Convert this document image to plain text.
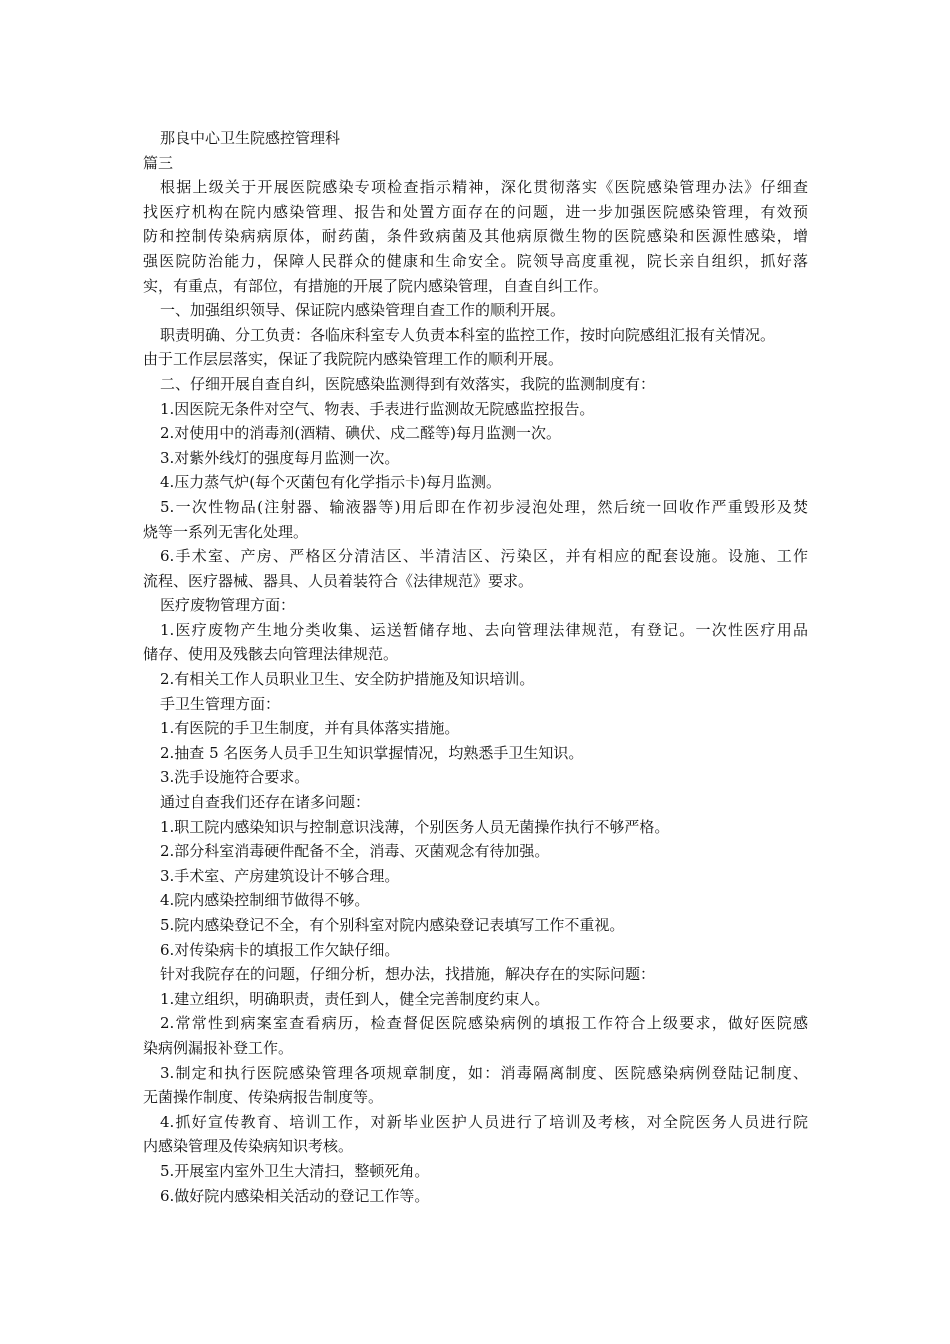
那良中心卫生院感控管理科
篇三
根据上级关于开展医院感染专项检查指示精神，深化贯彻落实《医院感染管理办法》仔细查
找医疗机构在院内感染管理、报告和处置方面存在的问题，进一步加强医院感染管理，有效预
防和控制传染病病原体，耐药菌，条件致病菌及其他病原微生物的医院感染和医源性感染，增
强医院防治能力，保障人民群众的健康和生命安全。院领导高度重视，院长亲自组织，抓好落
实，有重点，有部位，有措施的开展了院内感染管理，自查自纠工作。
一、加强组织领导、保证院内感染管理自查工作的顺利开展。
职责明确、分工负责：各临床科室专人负责本科室的监控工作，按时向院感组汇报有关情况。
由于工作层层落实，保证了我院院内感染管理工作的顺利开展。
二、仔细开展自查自纠，医院感染监测得到有效落实，我院的监测制度有：
1.因医院无条件对空气、物表、手表进行监测故无院感监控报告。
2.对使用中的消毒剂(酒精、碘伏、戍二醛等)每月监测一次。
3.对紫外线灯的强度每月监测一次。
4.压力蒸气炉(每个灭菌包有化学指示卡)每月监测。
5.一次性物品(注射器、输液器等)用后即在作初步浸泡处理，然后统一回收作严重毁形及焚
烧等一系列无害化处理。
6.手术室、产房、严格区分清洁区、半清洁区、污染区，并有相应的配套设施。设施、工作
流程、医疗器械、器具、人员着装符合《法律规范》要求。
医疗废物管理方面：
1.医疗废物产生地分类收集、运送暂储存地、去向管理法律规范，有登记。一次性医疗用品
储存、使用及残骸去向管理法律规范。
2.有相关工作人员职业卫生、安全防护措施及知识培训。
手卫生管理方面：
1.有医院的手卫生制度，并有具体落实措施。
2.抽查 5 名医务人员手卫生知识掌握情况，均熟悉手卫生知识。
3.洗手设施符合要求。
通过自查我们还存在诸多问题：
1.职工院内感染知识与控制意识浅薄，个别医务人员无菌操作执行不够严格。
2.部分科室消毒硬件配备不全，消毒、灭菌观念有待加强。
3.手术室、产房建筑设计不够合理。
4.院内感染控制细节做得不够。
5.院内感染登记不全，有个别科室对院内感染登记表填写工作不重视。
6.对传染病卡的填报工作欠缺仔细。
针对我院存在的问题，仔细分析，想办法，找措施，解决存在的实际问题：
1.建立组织，明确职责，责任到人，健全完善制度约束人。
2.常常性到病案室查看病历，检查督促医院感染病例的填报工作符合上级要求，做好医院感
染病例漏报补登工作。
3.制定和执行医院感染管理各项规章制度，如：消毒隔离制度、医院感染病例登陆记制度、
无菌操作制度、传染病报告制度等。
4.抓好宣传教育、培训工作，对新毕业医护人员进行了培训及考核，对全院医务人员进行院
内感染管理及传染病知识考核。
5.开展室内室外卫生大清扫，整顿死角。
6.做好院内感染相关活动的登记工作等。
